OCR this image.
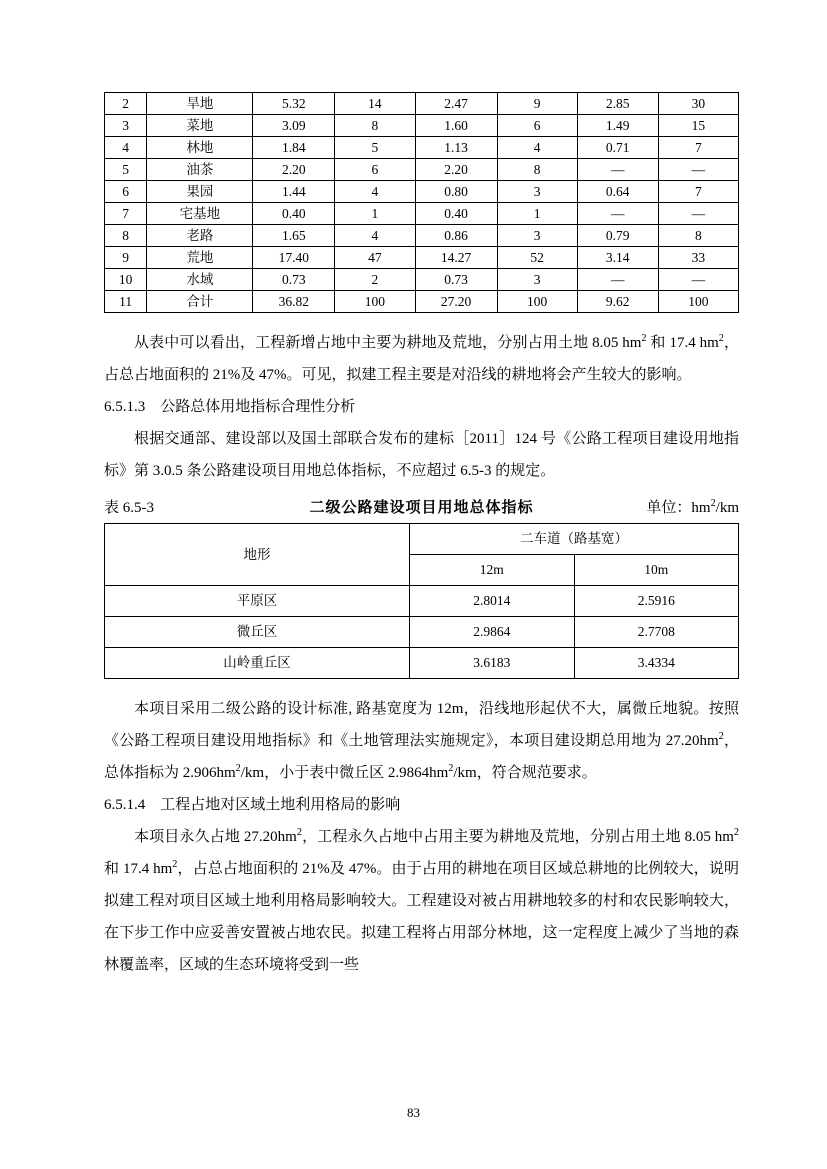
2	旱地	5.32	14	2.47	9	2.85	30
3	菜地	3.09	8	1.60	6	1.49	15
4	林地	1.84	5	1.13	4	0.71	7
5	油茶	2.20	6	2.20	8	—	—
6	果园	1.44	4	0.80	3	0.64	7
7	宅基地	0.40	1	0.40	1	—	—
8	老路	1.65	4	0.86	3	0.79	8
9	荒地	17.40	47	14.27	52	3.14	33
10	水域	0.73	2	0.73	3	—	—
11	合计	36.82	100	27.20	100	9.62	100

从表中可以看出，工程新增占地中主要为耕地及荒地，分别占用土地 8.05 $hm^2$ 和 17.4 $hm^2$，占总占地面积的 21%及 47%。可见，拟建工程主要是对沿线的耕地将会产生较大的影响。

6.5.1.3　公路总体用地指标合理性分析

根据交通部、建设部以及国土部联合发布的建标［2011］124 号《公路工程项目建设用地指标》第 3.0.5 条公路建设项目用地总体指标，不应超过 6.5-3 的规定。

表 6.5-3	二级公路建设项目用地总体指标	单位：$hm^2/km$
地形	二车道（路基宽）	
	12m	10m
平原区	2.8014	2.5916
微丘区	2.9864	2.7708
山岭重丘区	3.6183	3.4334

本项目采用二级公路的设计标准, 路基宽度为 12m，沿线地形起伏不大，属微丘地貌。按照《公路工程项目建设用地指标》和《土地管理法实施规定》，本项目建设期总用地为 $27.20hm^2$，总体指标为 $2.906hm^2/km$，小于表中微丘区 $2.9864hm^2/km$，符合规范要求。

6.5.1.4　工程占地对区域土地利用格局的影响

本项目永久占地 $27.20hm^2$，工程永久占地中占用主要为耕地及荒地，分别占用土地 8.05 $hm^2$和 17.4 $hm^2$，占总占地面积的 21%及 47%。由于占用的耕地在项目区域总耕地的比例较大，说明拟建工程对项目区域土地利用格局影响较大。工程建设对被占用耕地较多的村和农民影响较大，在下步工作中应妥善安置被占地农民。拟建工程将占用部分林地，这一定程度上减少了当地的森林覆盖率，区域的生态环境将受到一些

83
